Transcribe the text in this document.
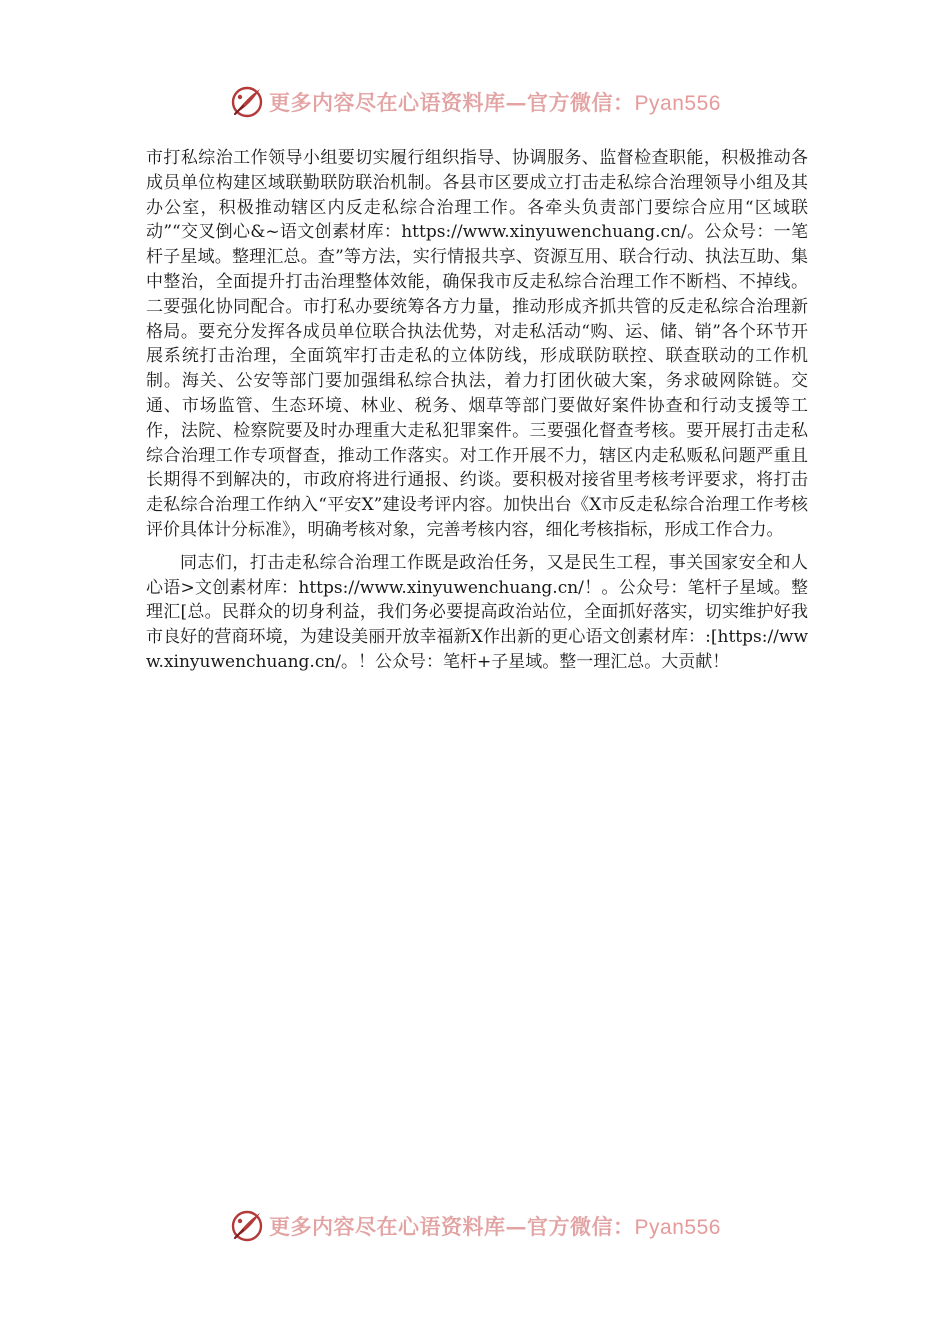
更多内容尽在心语资料库—官方微信：Pyan556

市打私综治工作领导小组要切实履行组织指导、协调服务、监督检查职能，积极推动各成员单位构建区域联勤联防联治机制。各县市区要成立打击走私综合治理领导小组及其办公室，积极推动辖区内反走私综合治理工作。各牵头负责部门要综合应用“区域联动”“交叉倒心&~语文创素材库：https://www.xinyuwenchuang.cn/。公众号：一笔杆子星域。整理汇总。查”等方法，实行情报共享、资源互用、联合行动、执法互助、集中整治，全面提升打击治理整体效能，确保我市反走私综合治理工作不断档、不掉线。二要强化协同配合。市打私办要统筹各方力量，推动形成齐抓共管的反走私综合治理新格局。要充分发挥各成员单位联合执法优势，对走私活动“购、运、储、销”各个环节开展系统打击治理，全面筑牢打击走私的立体防线，形成联防联控、联查联动的工作机制。海关、公安等部门要加强缉私综合执法，着力打团伙破大案，务求破网除链。交通、市场监管、生态环境、林业、税务、烟草等部门要做好案件协查和行动支援等工作，法院、检察院要及时办理重大走私犯罪案件。三要强化督查考核。要开展打击走私综合治理工作专项督查，推动工作落实。对工作开展不力，辖区内走私贩私问题严重且长期得不到解决的，市政府将进行通报、约谈。要积极对接省里考核考评要求，将打击走私综合治理工作纳入“平安X”建设考评内容。加快出台《X市反走私综合治理工作考核评价具体计分标准》，明确考核对象，完善考核内容，细化考核指标，形成工作合力。

同志们，打击走私综合治理工作既是政治任务，又是民生工程，事关国家安全和人心语>文创素材库：https://www.xinyuwenchuang.cn/！。公众号：笔杆子星域。整理汇[总。民群众的切身利益，我们务必要提高政治站位，全面抓好落实，切实维护好我市良好的营商环境，为建设美丽开放幸福新X作出新的更心语文创素材库：:[https://www.xinyuwenchuang.cn/。！公众号：笔杆+子星域。整一理汇总。大贡献！

更多内容尽在心语资料库—官方微信：Pyan556
